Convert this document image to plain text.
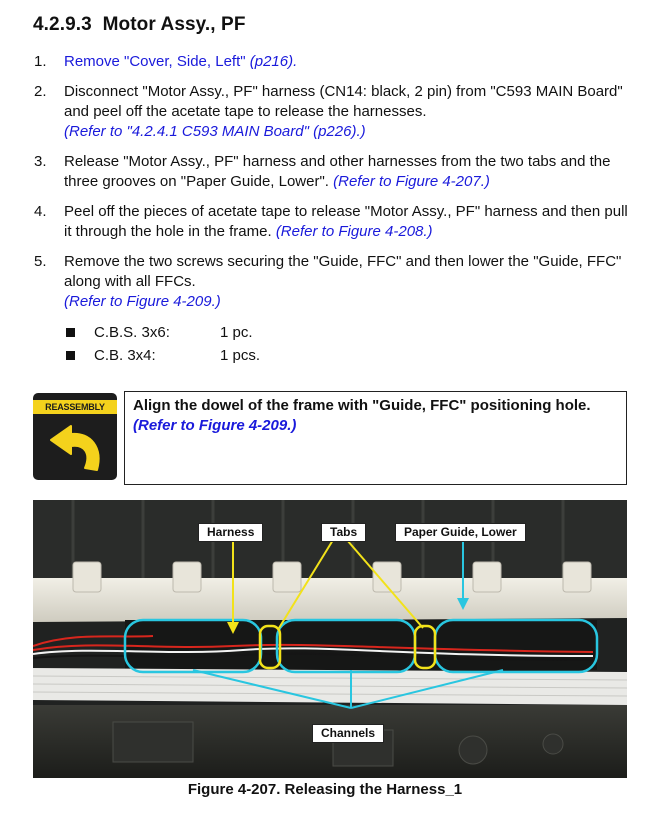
4.2.9.3 Motor Assy., PF
1.	Remove "Cover, Side, Left" (p216).
2.	Disconnect "Motor Assy., PF" harness (CN14: black, 2 pin) from "C593 MAIN Board" and peel off the acetate tape to release the harnesses.
(Refer to "4.2.4.1 C593 MAIN Board" (p226).)
3.	Release "Motor Assy., PF" harness and other harnesses from the two tabs and the three grooves on "Paper Guide, Lower". (Refer to Figure 4-207.)
4.	Peel off the pieces of acetate tape to release "Motor Assy., PF" harness and then pull it through the hole in the frame. (Refer to Figure 4-208.)
5.	Remove the two screws securing the "Guide, FFC" and then lower the "Guide, FFC" along with all FFCs.
(Refer to Figure 4-209.)
C.B.S. 3x6:	1 pc.
C.B. 3x4:	1 pcs.
REASSEMBLY	Align the dowel of the frame with "Guide, FFC" positioning hole. (Refer to Figure 4-209.)
Harness	Tabs	Paper Guide, Lower
Channels
Figure 4-207. Releasing the Harness_1
